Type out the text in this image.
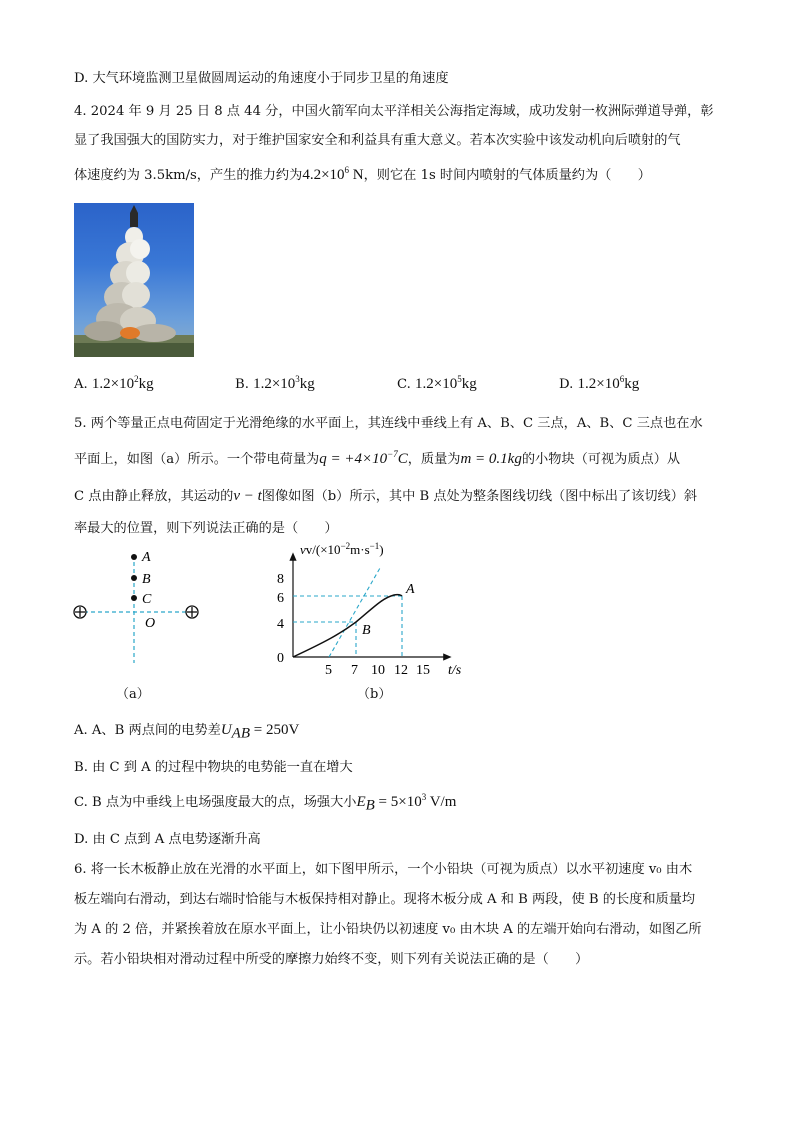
D. 大气环境监测卫星做圆周运动的角速度小于同步卫星的角速度
4. 2024 年 9 月 25 日 8 点 44 分，中国火箭军向太平洋相关公海指定海域，成功发射一枚洲际弹道导弹，彰
显了我国强大的国防实力，对于维护国家安全和利益具有重大意义。若本次实验中该发动机向后喷射的气
体速度约为 3.5km/s，产生的推力约为$4.2\times 10^6$ N，则它在 1s 时间内喷射的气体质量约为（　　）
A. $1.2\times 10^2kg$	B. $1.2\times 10^3kg$	C. $1.2\times 10^5kg$	D. $1.2\times 10^6kg$
5. 两个等量正点电荷固定于光滑绝缘的水平面上，其连线中垂线上有 A、B、C 三点，A、B、C 三点也在水
平面上，如图（a）所示。一个带电荷量为$q = +4\times 10^{-7}C$，质量为m = 0.1kg的小物块（可视为质点）从
C 点由静止释放，其运动的v − t图像如图（b）所示，其中 B 点处为整条图线切线（图中标出了该切线）斜
率最大的位置，则下列说法正确的是（　　）
A
B
C
O
（a）
$vv/(\times 10^{-2}m\cdot s^{-1})$
8
6
4
0
5 7 10 12 15 t/s
A
B
（b）
A. A、B 两点间的电势差$U_{AB} = 250V$
B. 由 C 到 A 的过程中物块的电势能一直在增大
C. B 点为中垂线上电场强度最大的点，场强大小$E_B = 5\times 10^3$ V/m
D. 由 C 点到 A 点电势逐渐升高
6. 将一长木板静止放在光滑的水平面上，如下图甲所示，一个小铅块（可视为质点）以水平初速度 v₀ 由木
板左端向右滑动，到达右端时恰能与木板保持相对静止。现将木板分成 A 和 B 两段，使 B 的长度和质量均
为 A 的 2 倍，并紧挨着放在原水平面上，让小铅块仍以初速度 v₀ 由木块 A 的左端开始向右滑动，如图乙所
示。若小铅块相对滑动过程中所受的摩擦力始终不变，则下列有关说法正确的是（　　）
